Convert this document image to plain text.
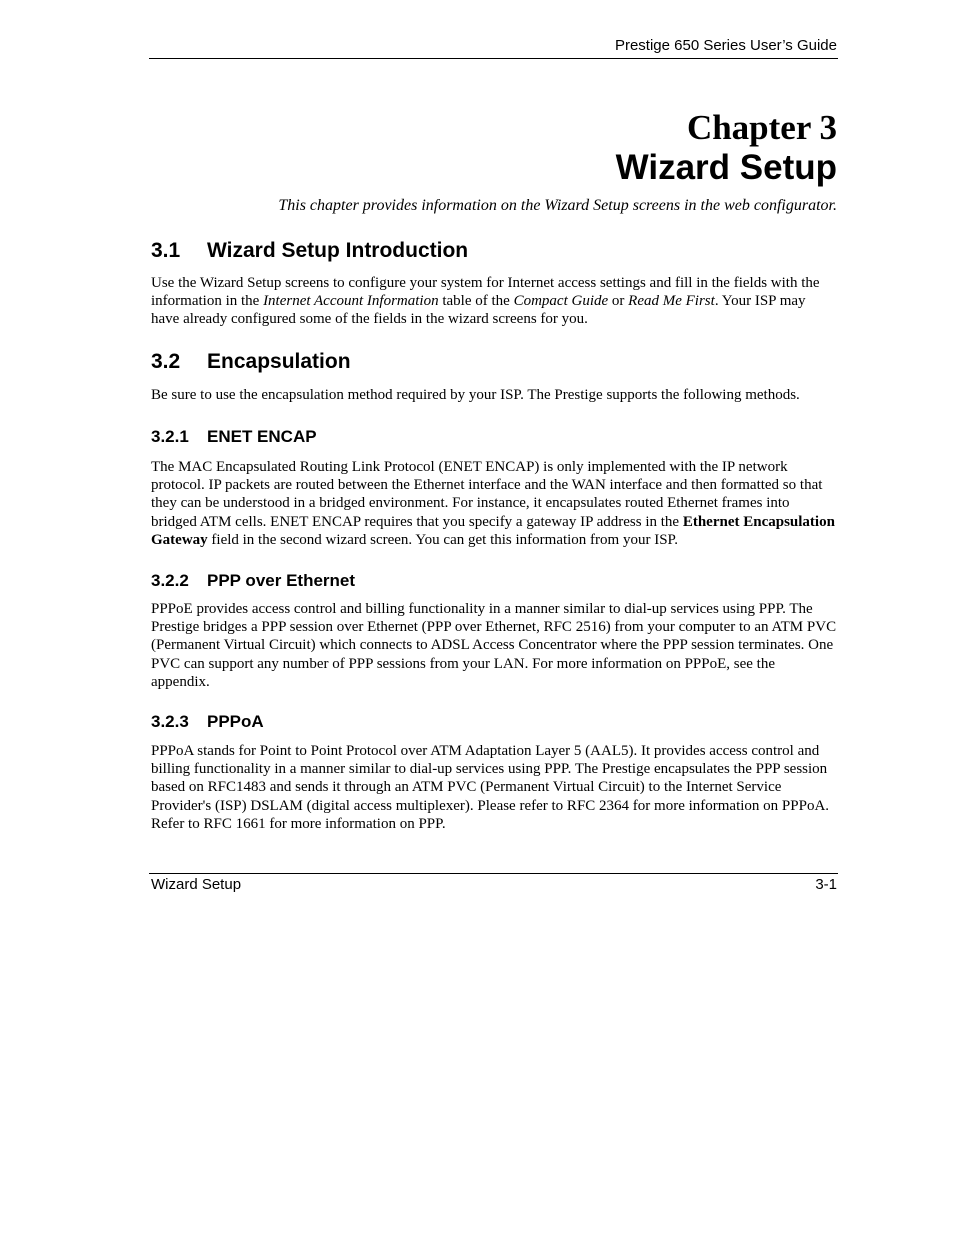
Prestige 650 Series User’s Guide
Chapter 3
Wizard Setup
This chapter provides information on the Wizard Setup screens in the web configurator.
3.1 Wizard Setup Introduction

Use the Wizard Setup screens to configure your system for Internet access settings and fill in the fields with the information in the Internet Account Information table of the Compact Guide or Read Me First. Your ISP may have already configured some of the fields in the wizard screens for you.

3.2 Encapsulation

Be sure to use the encapsulation method required by your ISP. The Prestige supports the following methods.

3.2.1 ENET ENCAP

The MAC Encapsulated Routing Link Protocol (ENET ENCAP) is only implemented with the IP network protocol. IP packets are routed between the Ethernet interface and the WAN interface and then formatted so that they can be understood in a bridged environment. For instance, it encapsulates routed Ethernet frames into bridged ATM cells. ENET ENCAP requires that you specify a gateway IP address in the Ethernet Encapsulation Gateway field in the second wizard screen. You can get this information from your ISP.

3.2.2 PPP over Ethernet

PPPoE provides access control and billing functionality in a manner similar to dial-up services using PPP. The Prestige bridges a PPP session over Ethernet (PPP over Ethernet, RFC 2516) from your computer to an ATM PVC (Permanent Virtual Circuit) which connects to ADSL Access Concentrator where the PPP session terminates. One PVC can support any number of PPP sessions from your LAN. For more information on PPPoE, see the appendix.

3.2.3 PPPoA

PPPoA stands for Point to Point Protocol over ATM Adaptation Layer 5 (AAL5). It provides access control and billing functionality in a manner similar to dial-up services using PPP. The Prestige encapsulates the PPP session based on RFC1483 and sends it through an ATM PVC (Permanent Virtual Circuit) to the Internet Service Provider's (ISP) DSLAM (digital access multiplexer). Please refer to RFC 2364 for more information on PPPoA. Refer to RFC 1661 for more information on PPP.

Wizard Setup	3-1
